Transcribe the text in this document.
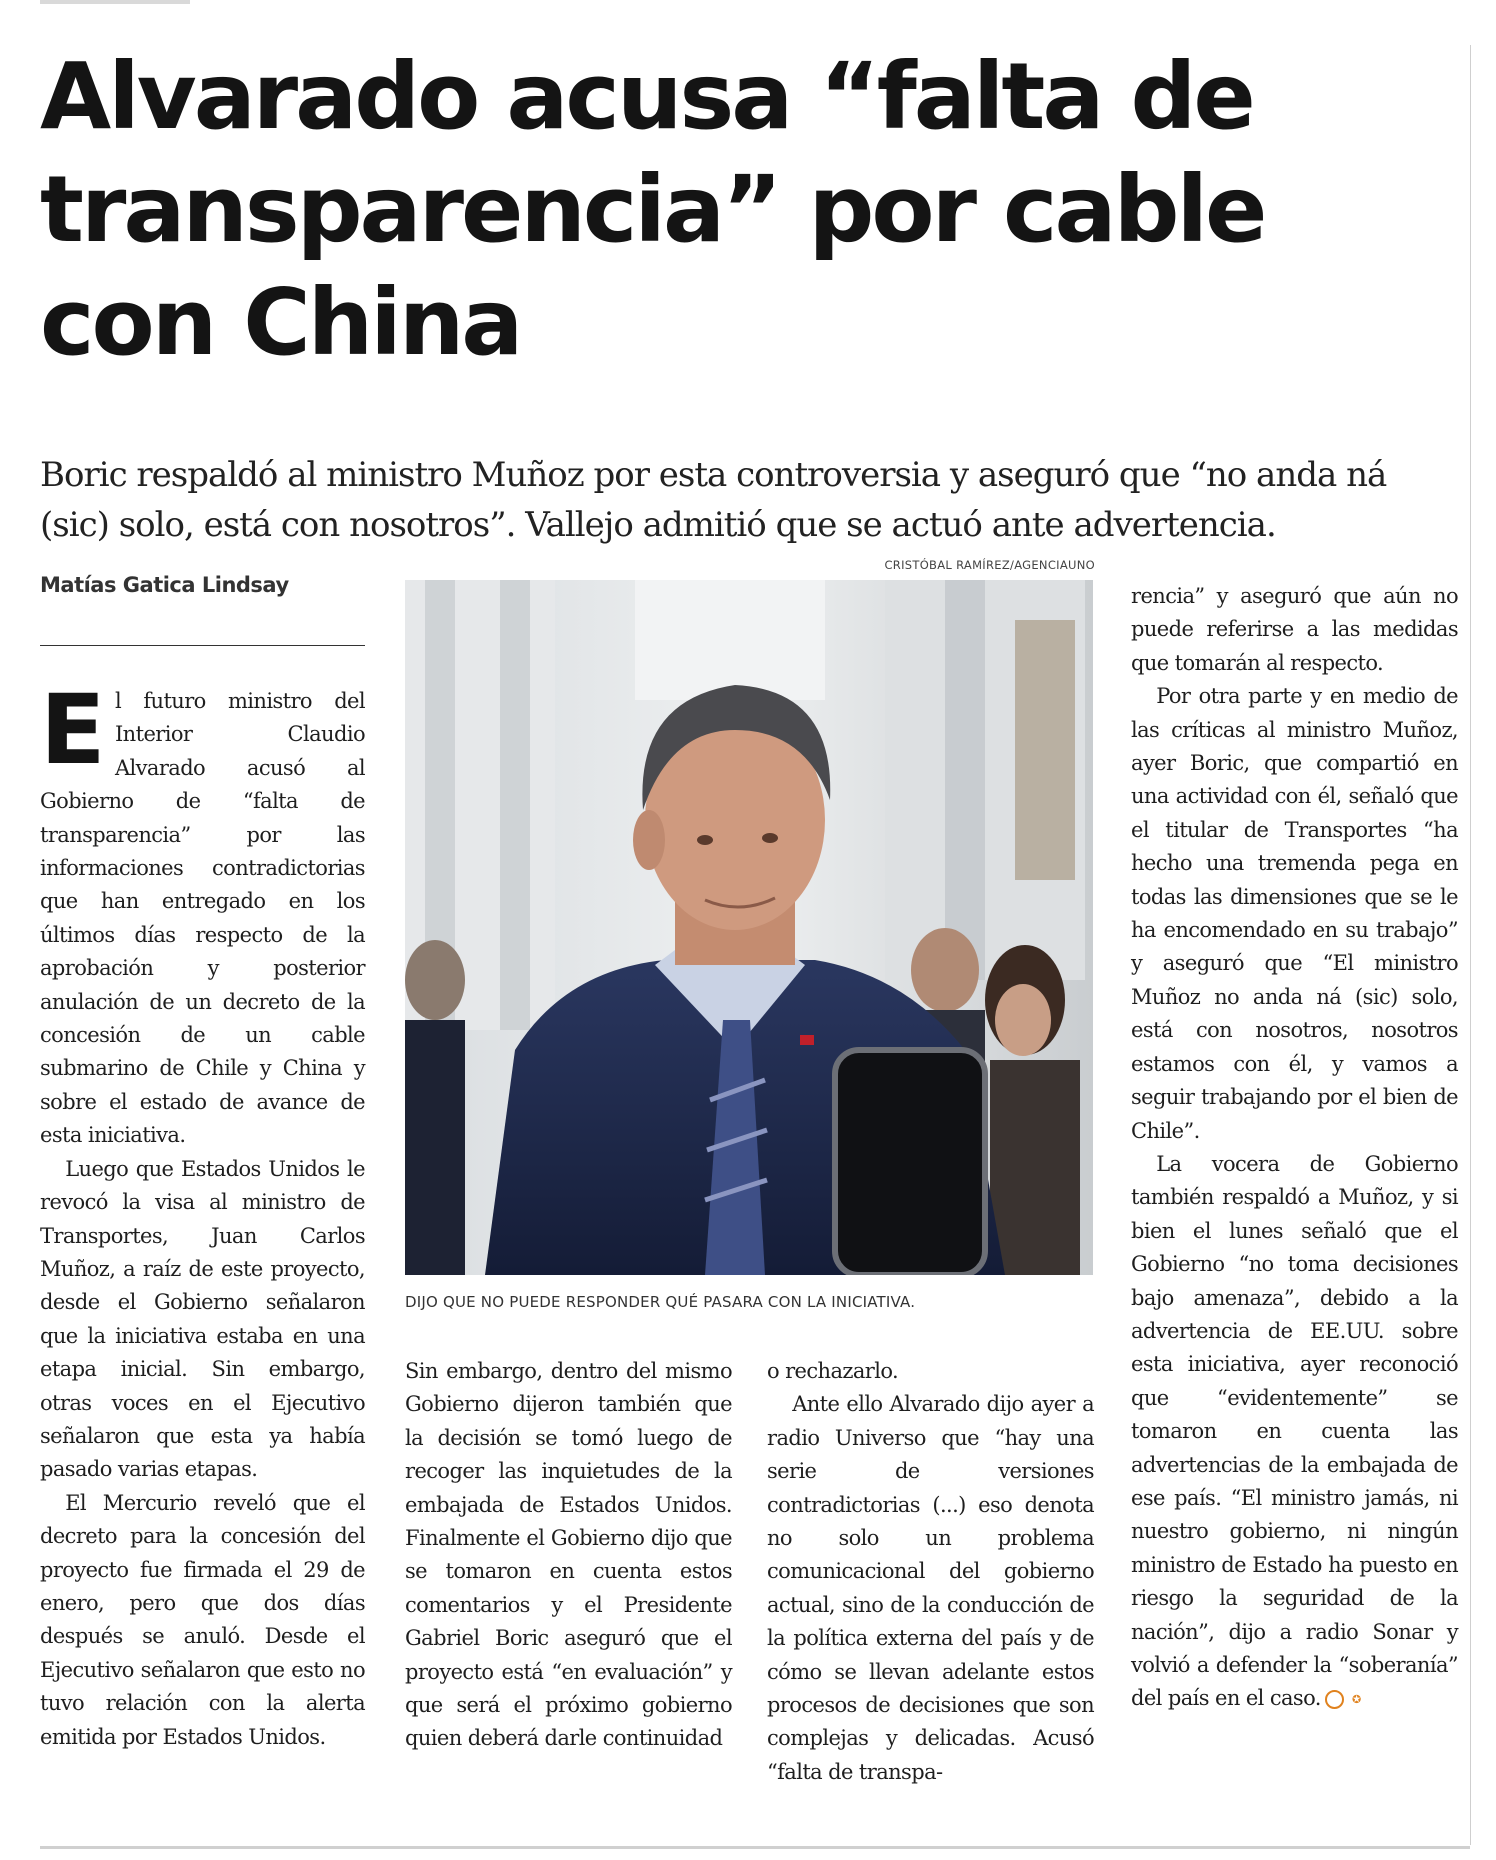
Alvarado acusa “falta de transparencia” por cable con China

Boric respaldó al ministro Muñoz por esta controversia y aseguró que “no anda ná (sic) solo, está con nosotros”. Vallejo admitió que se actuó ante advertencia.

Matías Gatica Lindsay
CRISTÓBAL RAMÍREZ/AGENCIAUNO
DIJO QUE NO PUEDE RESPONDER QUÉ PASARA CON LA INICIATIVA.
E l futuro ministro del Interior Claudio Alvarado acusó al Gobierno de “falta de transparencia” por las informaciones contradictorias que han entregado en los últimos días respecto de la aprobación y posterior anulación de un decreto de la concesión de un cable submarino de Chile y China y sobre el estado de avance de esta iniciativa.

Luego que Estados Unidos le revocó la visa al ministro de Transportes, Juan Carlos Muñoz, a raíz de este proyecto, desde el Gobierno señalaron que la iniciativa estaba en una etapa inicial. Sin embargo, otras voces en el Ejecutivo señalaron que esta ya había pasado varias etapas.

El Mercurio reveló que el decreto para la concesión del proyecto fue firmada el 29 de enero, pero que dos días después se anuló. Desde el Ejecutivo señalaron que esto no tuvo relación con la alerta emitida por Estados Unidos.

Sin embargo, dentro del mismo Gobierno dijeron también que la decisión se tomó luego de recoger las inquietudes de la embajada de Estados Unidos. Finalmente el Gobierno dijo que se tomaron en cuenta estos comentarios y el Presidente Gabriel Boric aseguró que el proyecto está “en evaluación” y que será el próximo gobierno quien deberá darle continuidad

o rechazarlo.

Ante ello Alvarado dijo ayer a radio Universo que “hay una serie de versiones contradictorias (...) eso denota no solo un problema comunicacional del gobierno actual, sino de la conducción de la política externa del país y de cómo se llevan adelante estos procesos de decisiones que son complejas y delicadas. Acusó “falta de transpa-

rencia” y aseguró que aún no puede referirse a las medidas que tomarán al respecto.

Por otra parte y en medio de las críticas al ministro Muñoz, ayer Boric, que compartió en una actividad con él, señaló que el titular de Transportes “ha hecho una tremenda pega en todas las dimensiones que se le ha encomendado en su trabajo” y aseguró que “El ministro Muñoz no anda ná (sic) solo, está con nosotros, nosotros estamos con él, y vamos a seguir trabajando por el bien de Chile”.

La vocera de Gobierno también respaldó a Muñoz, y si bien el lunes señaló que el Gobierno “no toma decisiones bajo amenaza”, debido a la advertencia de EE.UU. sobre esta iniciativa, ayer reconoció que “evidentemente” se tomaron en cuenta las advertencias de la embajada de ese país. “El ministro jamás, ni nuestro gobierno, ni ningún ministro de Estado ha puesto en riesgo la seguridad de la nación”, dijo a radio Sonar y volvió a defender la “soberanía” del país en el caso.	✪
